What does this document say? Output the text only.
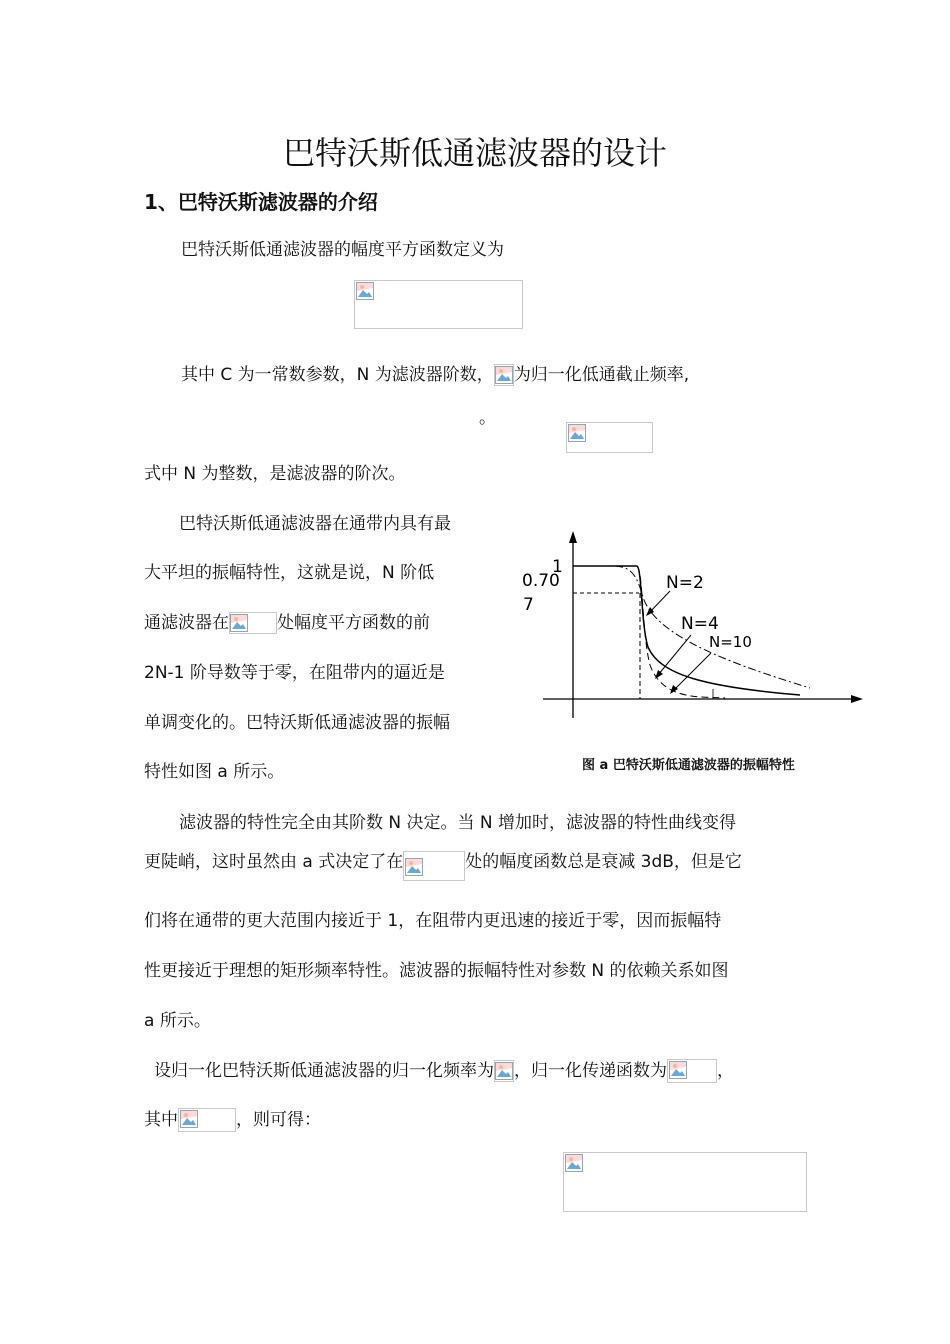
巴特沃斯低通滤波器的设计
1、巴特沃斯滤波器的介绍
巴特沃斯低通滤波器的幅度平方函数定义为

其中 C 为一常数参数，N 为滤波器阶数， 为归一化低通截止频率,

。
式中 N 为整数，是滤波器的阶次。
巴特沃斯低通滤波器在通带内具有最
大平坦的振幅特性，这就是说，N 阶低
通滤波器在	处幅度平方函数的前
2N-1 阶导数等于零，在阻带内的逼近是
单调变化的。巴特沃斯低通滤波器的振幅
特性如图 a 所示。
1
0.70
7
N=2
N=4
N=10
图 a 巴特沃斯低通滤波器的振幅特性
滤波器的特性完全由其阶数 N 决定。当 N 增加时，滤波器的特性曲线变得
更陡峭，这时虽然由 a 式决定了在	处的幅度函数总是衰减 3dB，但是它
们将在通带的更大范围内接近于 1，在阻带内更迅速的接近于零，因而振幅特
性更接近于理想的矩形频率特性。滤波器的振幅特性对参数 N 的依赖关系如图
a 所示。
设归一化巴特沃斯低通滤波器的归一化频率为 ，归一化传递函数为	，
其中	，则可得：
